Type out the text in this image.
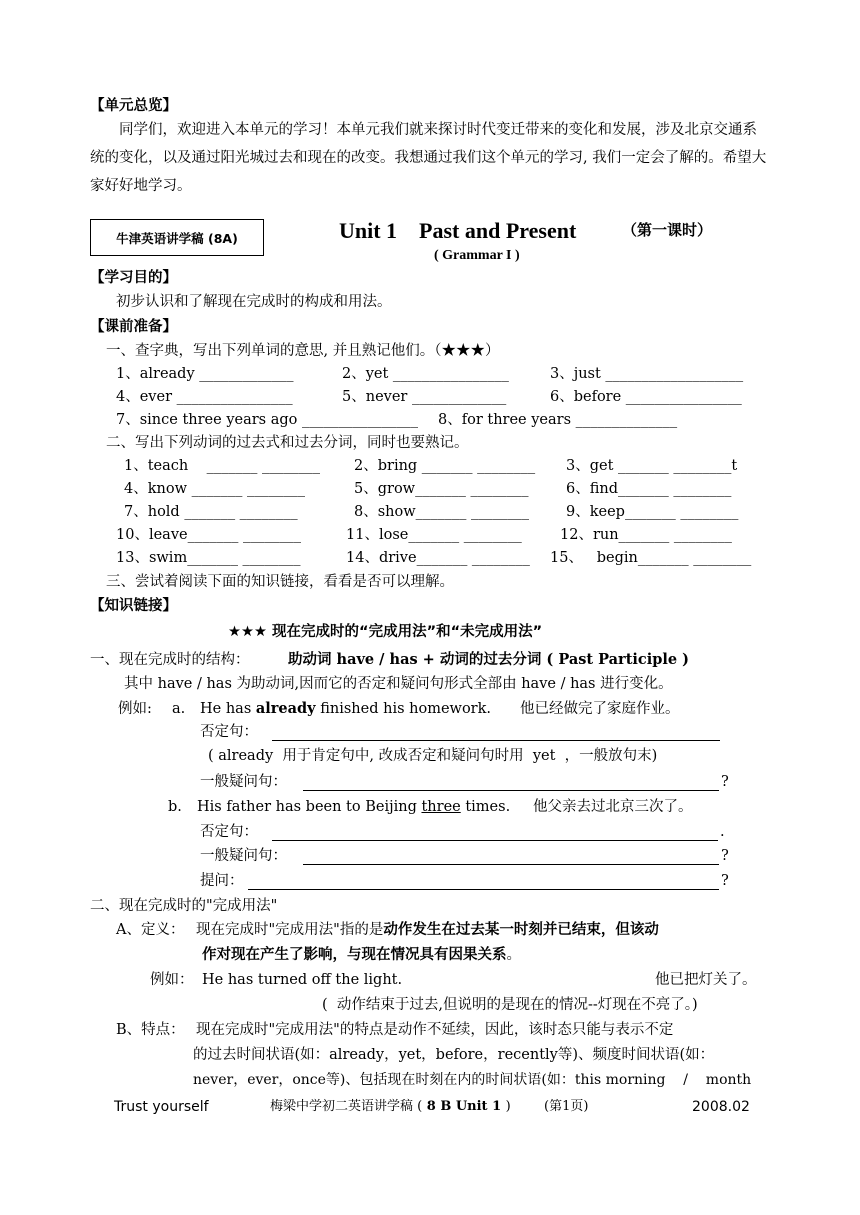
【单元总览】
同学们，欢迎进入本单元的学习！本单元我们就来探讨时代变迁带来的变化和发展，涉及北京交通系统的变化，以及通过阳光城过去和现在的改变。我想通过我们这个单元的学习, 我们一定会了解的。希望大家好好地学习。
牛津英语讲学稿 (8A)	Unit 1    Past and Present	（第一课时）
( Grammar I )
【学习目的】
初步认识和了解现在完成时的构成和用法。
【课前准备】
一、查字典，写出下列单词的意思, 并且熟记他们。（★★★）
1、already _____________	2、yet ________________	3、just ___________________
4、ever ________________	5、never _____________	6、before ________________
7、since three years ago ________________ 8、for three years ______________
二、写出下列动词的过去式和过去分词，同时也要熟记。
1、teach    _______ ________ 2、bring _______ ________ 3、get _______ ________t
4、know _______ ________	5、grow_______ ________	6、find_______ ________
7、hold _______ ________	8、show_______ ________	9、keep_______ ________
10、leave_______ ________	11、lose_______ ________	12、run_______ ________
13、swim_______ ________	14、drive_______ ________ 15、   begin_______ ________
三、尝试着阅读下面的知识链接，看看是否可以理解。
【知识链接】
★★★ 现在完成时的“完成用法”和“未完成用法”
一、现在完成时的结构：	助动词 have / has + 动词的过去分词 ( Past Participle )
其中 have / has 为助动词,因而它的否定和疑问句形式全部由 have / has 进行变化。
例如: a. He has already finished his homework. 他已经做完了家庭作业。
否定句：
( already  用于肯定句中, 改成否定和疑问句时用  yet  ，一般放句末)
一般疑问句：	?
b. His father has been to Beijing three times. 他父亲去过北京三次了。
否定句：	.
一般疑问句：	?
提问：	?
二、现在完成时的"完成用法"
A、定义： 现在完成时"完成用法"指的是动作发生在过去某一时刻并已结束，但该动
作对现在产生了影响，与现在情况具有因果关系。
例如： He has turned off the light.	他已把灯关了。
(  动作结束于过去,但说明的是现在的情况--灯现在不亮了。)
B、特点： 现在完成时"完成用法"的特点是动作不延续，因此，该时态只能与表示不定
的过去时间状语(如：already，yet，before，recently等)、频度时间状语(如：
never，ever，once等)、包括现在时刻在内的时间状语(如：this morning    /    month
Trust yourself	梅梁中学初二英语讲学稿 ( 8 B Unit 1 )	(第1页)	2008.02
